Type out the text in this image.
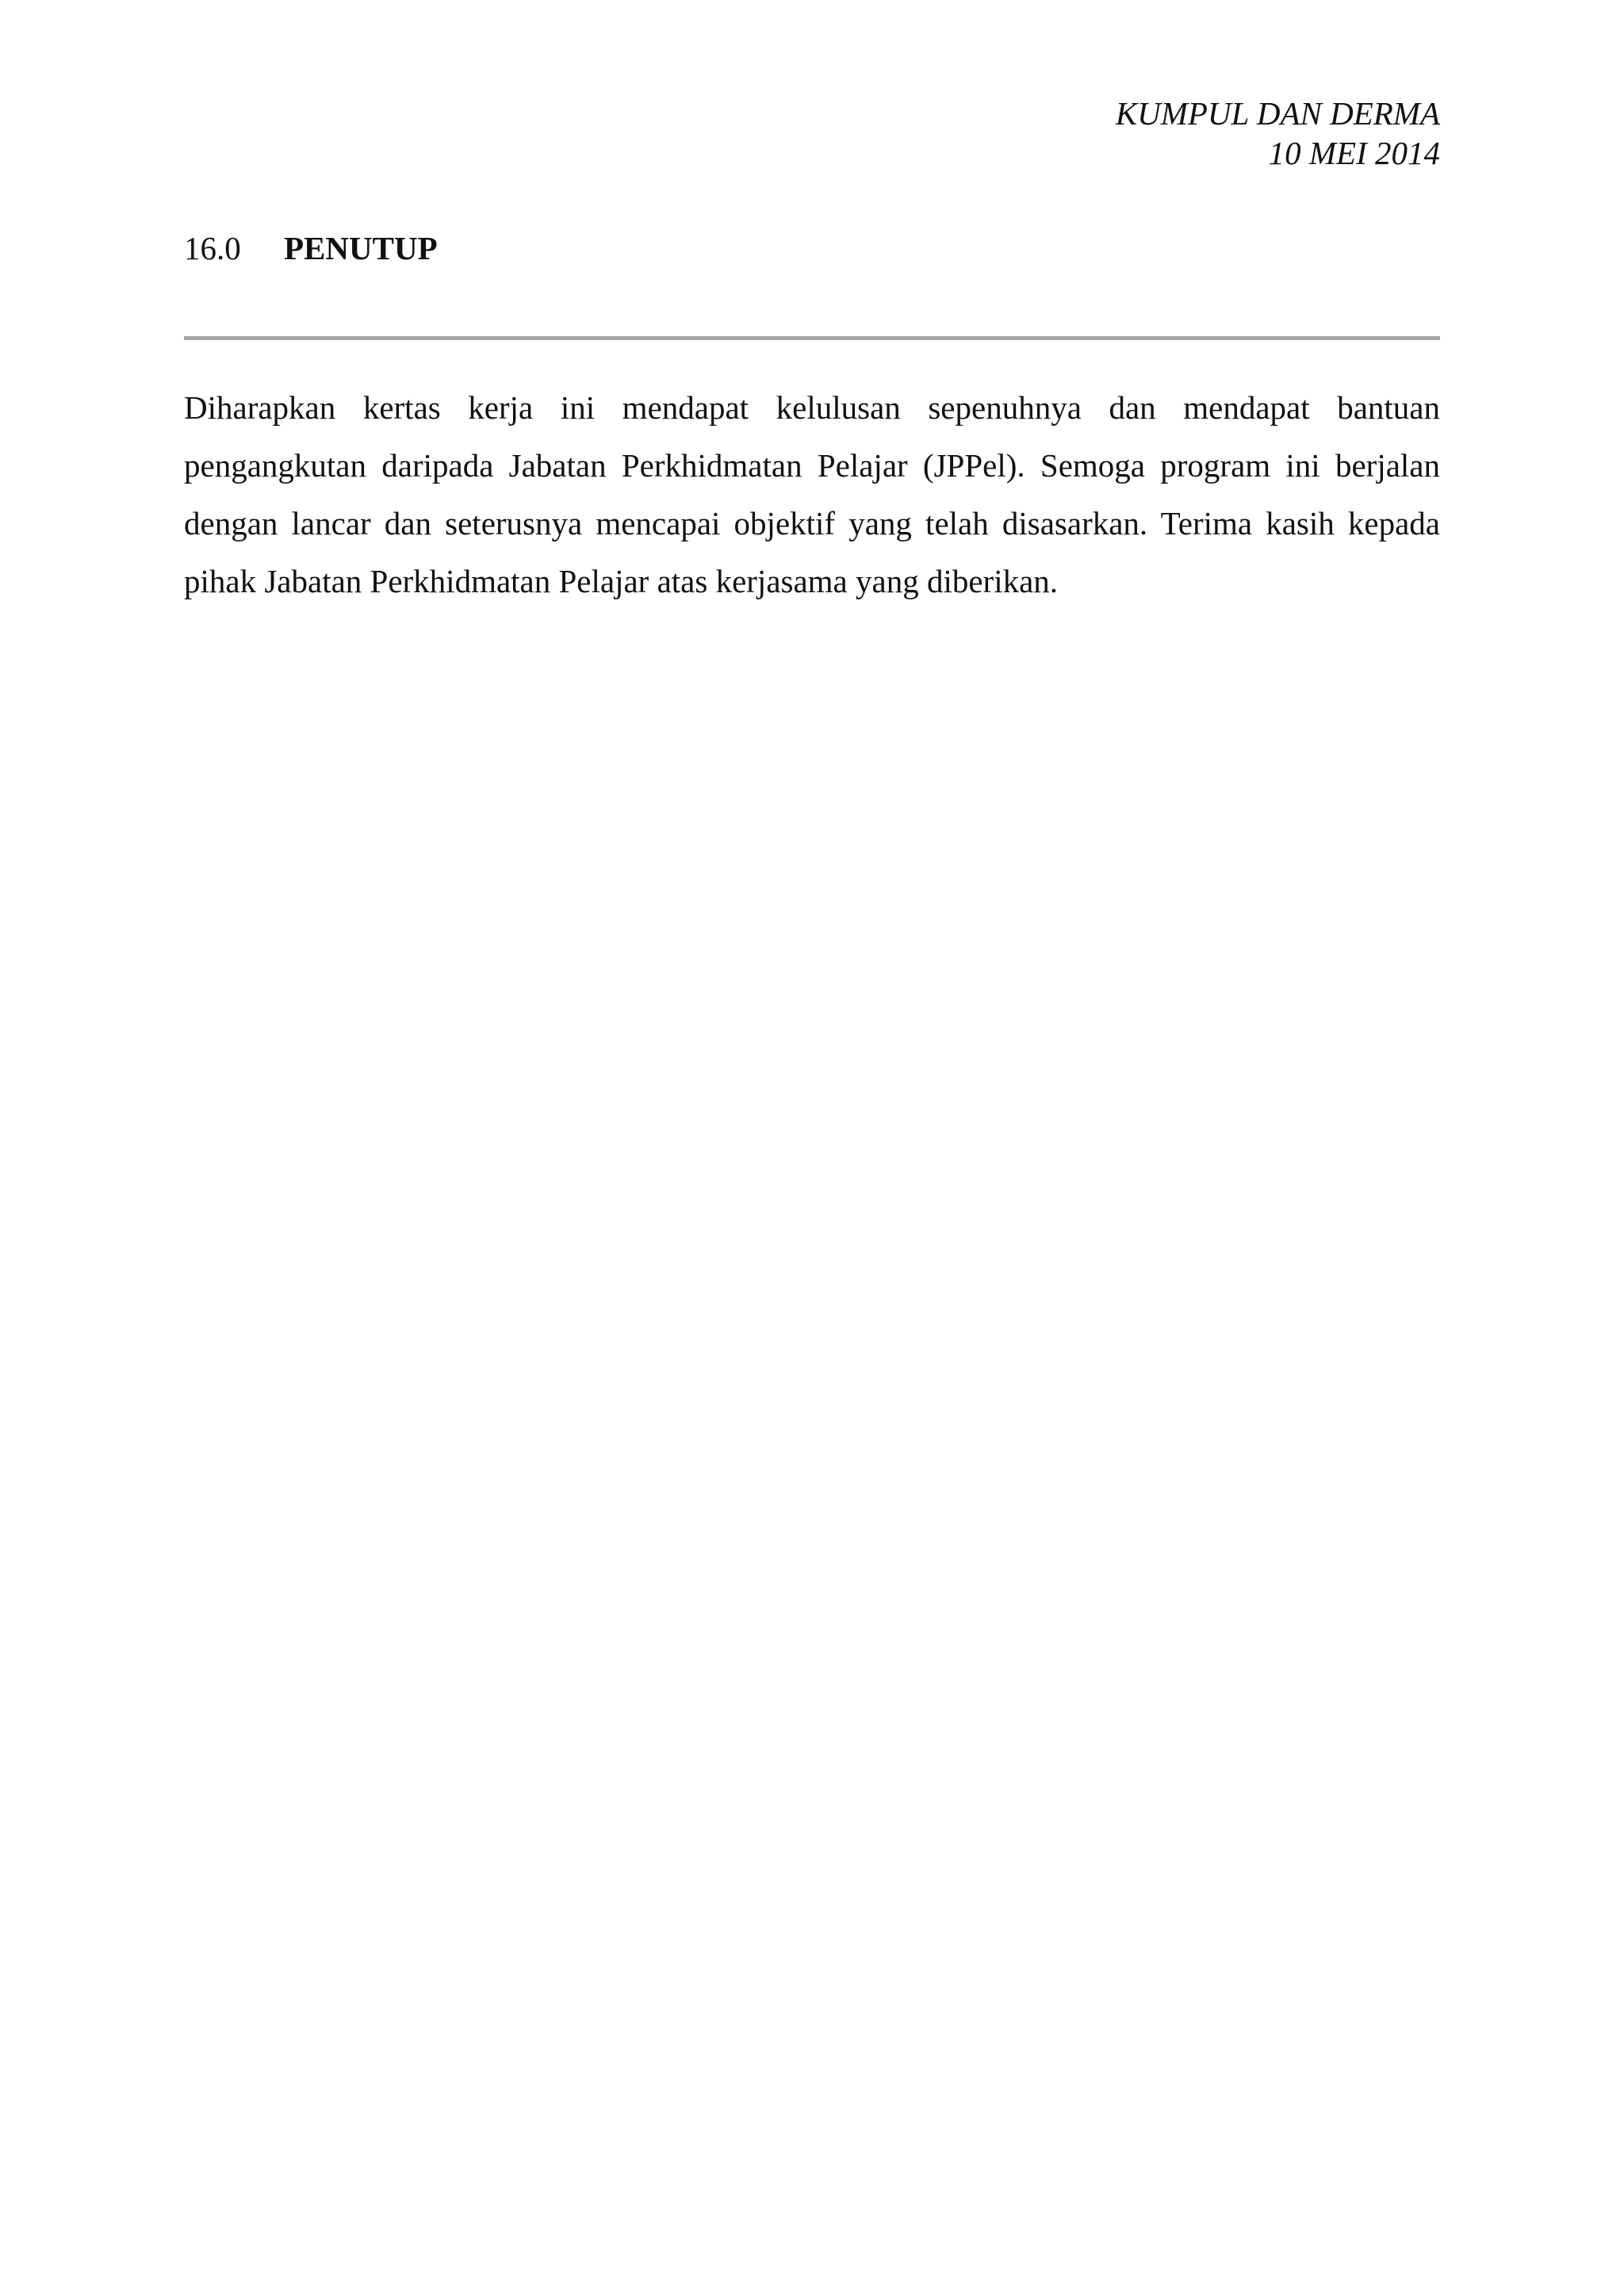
KUMPUL DAN DERMA
10 MEI 2014
16.0 PENUTUP

Diharapkan kertas kerja ini mendapat kelulusan sepenuhnya dan mendapat bantuan pengangkutan daripada Jabatan Perkhidmatan Pelajar (JPPel). Semoga program ini berjalan dengan lancar dan seterusnya mencapai objektif yang telah disasarkan. Terima kasih kepada pihak Jabatan Perkhidmatan Pelajar atas kerjasama yang diberikan.
